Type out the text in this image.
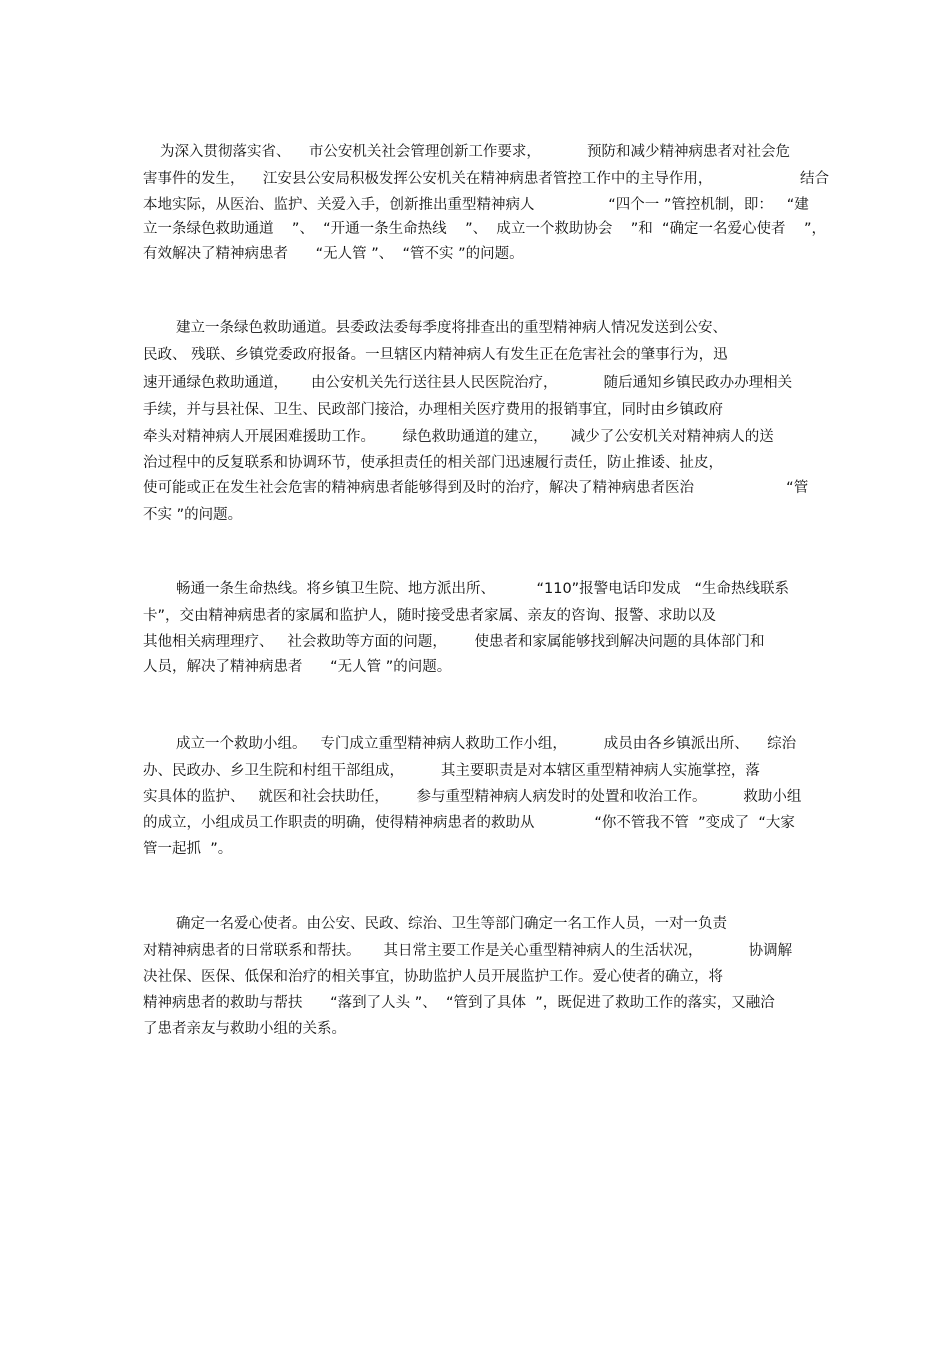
为深入贯彻落实省、    市公安机关社会管理创新工作要求，          预防和减少精神病患者对社会危
害事件的发生，    江安县公安局积极发挥公安机关在精神病患者管控工作中的主导作用，                   结合
本地实际，从医治、监护、关爱入手，创新推出重型精神病人                “四个一 ”管控机制，即：   “建
立一条绿色救助通道    ”、  “开通一条生命热线    ”、  成立一个救助协会    ”和  “确定一名爱心使者    ”，
有效解决了精神病患者      “无人管 ”、  “管不实 ”的问题。
建立一条绿色救助通道。县委政法委每季度将排查出的重型精神病人情况发送到公安、
民政、 残联、乡镇党委政府报备。一旦辖区内精神病人有发生正在危害社会的肇事行为，迅
速开通绿色救助通道，     由公安机关先行送往县人民医院治疗，          随后通知乡镇民政办办理相关
手续，并与县社保、卫生、民政部门接洽，办理相关医疗费用的报销事宜，同时由乡镇政府
牵头对精神病人开展困难援助工作。      绿色救助通道的建立，     减少了公安机关对精神病人的送
治过程中的反复联系和协调环节，使承担责任的相关部门迅速履行责任，防止推诿、扯皮，
使可能或正在发生社会危害的精神病患者能够得到及时的治疗，解决了精神病患者医治                    “管
不实 ”的问题。
畅通一条生命热线。将乡镇卫生院、地方派出所、         “110”报警电话印发成   “生命热线联系
卡”，交由精神病患者的家属和监护人，随时接受患者家属、亲友的咨询、报警、求助以及
其他相关病理理疗、   社会救助等方面的问题，      使患者和家属能够找到解决问题的具体部门和
人员，解决了精神病患者      “无人管 ”的问题。
成立一个救助小组。   专门成立重型精神病人救助工作小组，        成员由各乡镇派出所、    综治
办、民政办、乡卫生院和村组干部组成，        其主要职责是对本辖区重型精神病人实施掌控，落
实具体的监护、   就医和社会扶助任，      参与重型精神病人病发时的处置和收治工作。        救助小组
的成立，小组成员工作职责的明确，使得精神病患者的救助从             “你不管我不管  ”变成了  “大家
管一起抓  ”。
确定一名爱心使者。由公安、民政、综治、卫生等部门确定一名工作人员，一对一负责
对精神病患者的日常联系和帮扶。     其日常主要工作是关心重型精神病人的生活状况，          协调解
决社保、医保、低保和治疗的相关事宜，协助监护人员开展监护工作。爱心使者的确立，将
精神病患者的救助与帮扶      “落到了人头 ”、  “管到了具体  ”，既促进了救助工作的落实，又融洽
了患者亲友与救助小组的关系。
